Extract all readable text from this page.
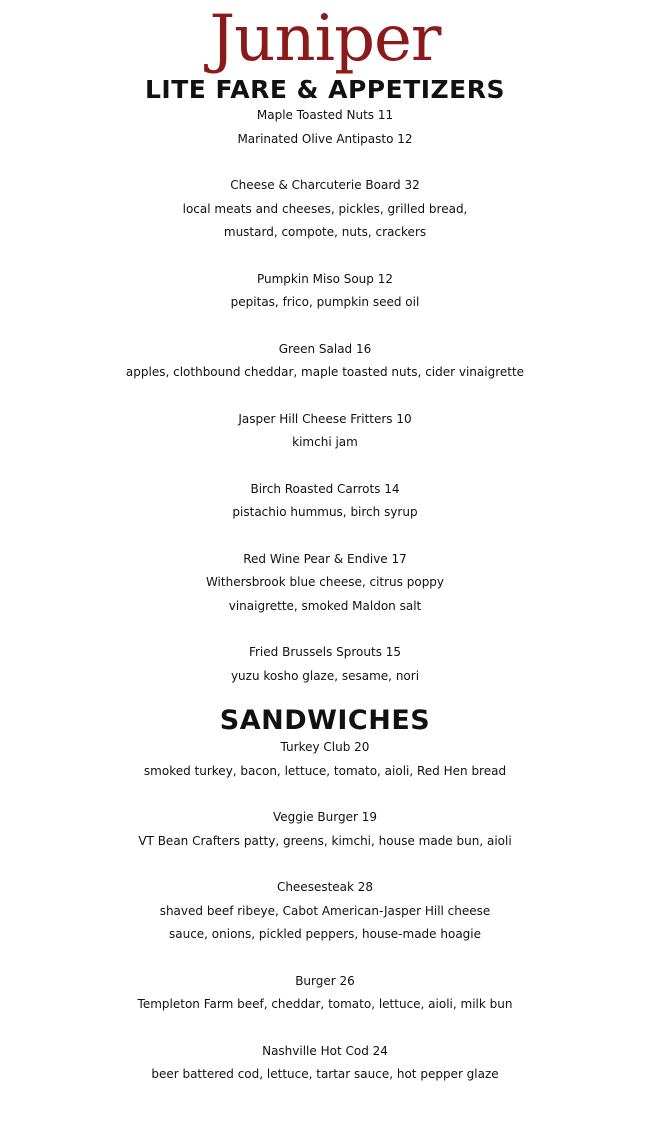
Juniper
LITE FARE & APPETIZERS
Maple Toasted Nuts 11
Marinated Olive Antipasto 12
Cheese & Charcuterie Board 32
local meats and cheeses, pickles, grilled bread,
mustard, compote, nuts, crackers
Pumpkin Miso Soup 12
pepitas, frico, pumpkin seed oil
Green Salad 16
apples, clothbound cheddar, maple toasted nuts, cider vinaigrette
Jasper Hill Cheese Fritters 10
kimchi jam
Birch Roasted Carrots 14
pistachio hummus, birch syrup
Red Wine Pear & Endive 17
Withersbrook blue cheese, citrus poppy
vinaigrette, smoked Maldon salt
Fried Brussels Sprouts 15
yuzu kosho glaze, sesame, nori
SANDWICHES
Turkey Club 20
smoked turkey, bacon, lettuce, tomato, aioli, Red Hen bread
Veggie Burger 19
VT Bean Crafters patty, greens, kimchi, house made bun, aioli
Cheesesteak 28
shaved beef ribeye, Cabot American-Jasper Hill cheese
sauce, onions, pickled peppers, house-made hoagie
Burger 26
Templeton Farm beef, cheddar, tomato, lettuce, aioli, milk bun
Nashville Hot Cod 24
beer battered cod, lettuce, tartar sauce, hot pepper glaze
